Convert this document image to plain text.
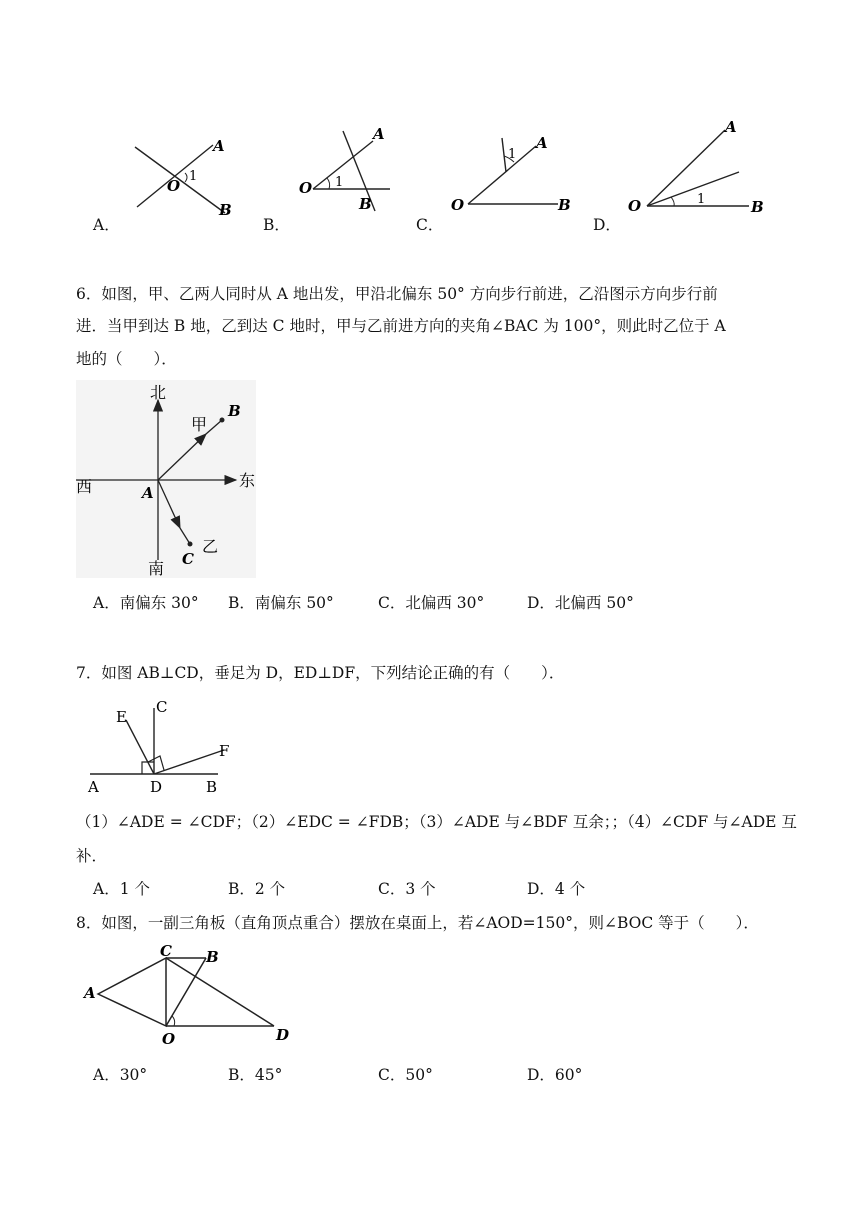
O
1
A
B
A．
O 1
A
B
B．
O
1
A
B
C．
O	1
A
B
D．
6．如图，甲、乙两人同时从 A 地出发，甲沿北偏东 50° 方向步行前进，乙沿图示方向步行前
进．当甲到达 B 地，乙到达 C 地时，甲与乙前进方向的夹角∠BAC 为 100°，则此时乙位于 A
地的（　　）．
北
南
东
西
甲
乙
A
B
C
A．南偏东 30° B．南偏东 50°	C．北偏西 30°	D．北偏西 50°
7．如图 AB⊥CD，垂足为 D，ED⊥DF，下列结论正确的有（　　）．
E
C
F
A	D	B
（1）∠ADE = ∠CDF；（2）∠EDC = ∠FDB；（3）∠ADE 与∠BDF 互余；；（4）∠CDF 与∠ADE 互
补．
A．1 个	B．2 个	C．3 个	D．4 个
8．如图，一副三角板（直角顶点重合）摆放在桌面上，若∠AOD=150°，则∠BOC 等于（　　）．
A
C B
D
O
A．30°	B．45°	C．50°	D．60°
